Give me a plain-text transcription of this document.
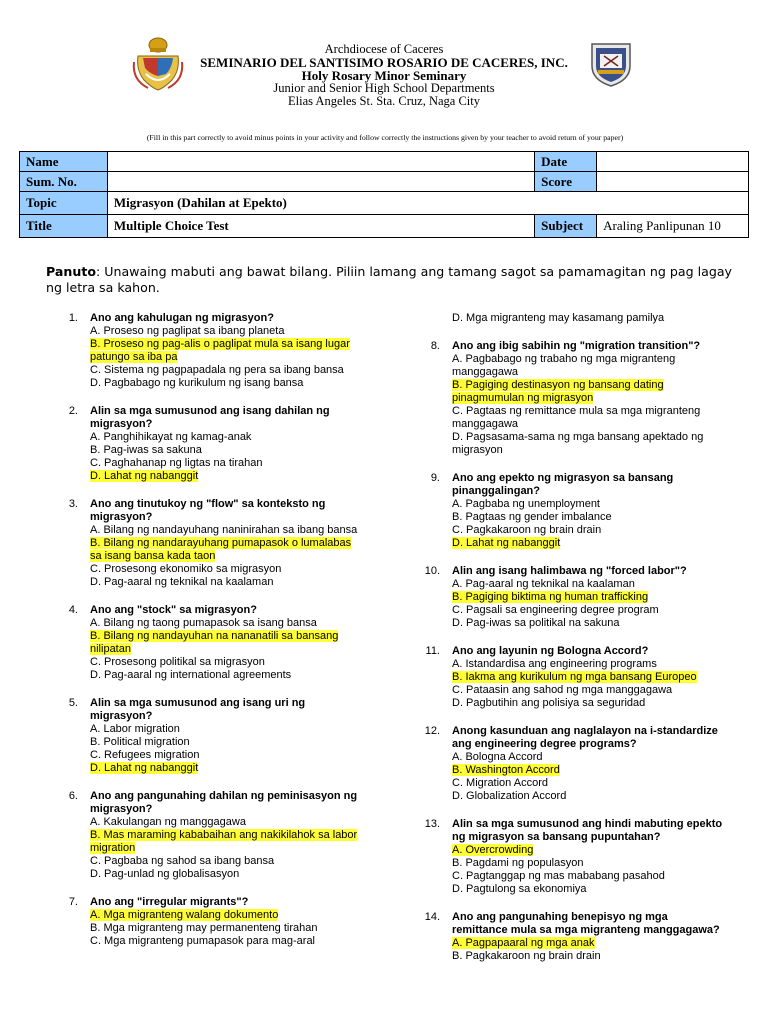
Archdiocese of Caceres
SEMINARIO DEL SANTISIMO ROSARIO DE CACERES, INC.
Holy Rosary Minor Seminary
Junior and Senior High School Departments
Elias Angeles St. Sta. Cruz, Naga City
(Fill in this part correctly to avoid minus points in your activity and follow correctly the instructions given by your teacher to avoid return of your paper)
Name		Date	
Sum. No.		Score	
Topic	Migrasyon (Dahilan at Epekto)		
Title	Multiple Choice Test	Subject	Araling Panlipunan 10
Panuto: Unawaing mabuti ang bawat bilang. Piliin lamang ang tamang sagot sa pamamagitan ng pag lagay ng letra sa kahon.
1. Ano ang kahulugan ng migrasyon?
A. Proseso ng paglipat sa ibang planeta
B. Proseso ng pag-alis o paglipat mula sa isang lugar patungo sa iba pa
C. Sistema ng pagpapadala ng pera sa ibang bansa
D. Pagbabago ng kurikulum ng isang bansa
2. Alin sa mga sumusunod ang isang dahilan ng migrasyon?
A. Panghihikayat ng kamag-anak
B. Pag-iwas sa sakuna
C. Paghahanap ng ligtas na tirahan
D. Lahat ng nabanggit
3. Ano ang tinutukoy ng "flow" sa konteksto ng migrasyon?
A. Bilang ng nandayuhang naninirahan sa ibang bansa
B. Bilang ng nandarayuhang pumapasok o lumalabas sa isang bansa kada taon
C. Prosesong ekonomiko sa migrasyon
D. Pag-aaral ng teknikal na kaalaman
4. Ano ang "stock" sa migrasyon?
A. Bilang ng taong pumapasok sa isang bansa
B. Bilang ng nandayuhan na nananatili sa bansang nilipatan
C. Prosesong politikal sa migrasyon
D. Pag-aaral ng international agreements
5. Alin sa mga sumusunod ang isang uri ng migrasyon?
A. Labor migration
B. Political migration
C. Refugees migration
D. Lahat ng nabanggit
6. Ano ang pangunahing dahilan ng peminisasyon ng migrasyon?
A. Kakulangan ng manggagawa
B. Mas maraming kababaihan ang nakikilahok sa labor migration
C. Pagbaba ng sahod sa ibang bansa
D. Pag-unlad ng globalisasyon
7. Ano ang "irregular migrants"?
A. Mga migranteng walang dokumento
B. Mga migranteng may permanenteng tirahan
C. Mga migranteng pumapasok para mag-aral
D. Mga migranteng may kasamang pamilya
8. Ano ang ibig sabihin ng "migration transition"?
A. Pagbabago ng trabaho ng mga migranteng manggagawa
B. Pagiging destinasyon ng bansang dating pinagmumulan ng migrasyon
C. Pagtaas ng remittance mula sa mga migranteng manggagawa
D. Pagsasama-sama ng mga bansang apektado ng migrasyon
9. Ano ang epekto ng migrasyon sa bansang pinanggalingan?
A. Pagbaba ng unemployment
B. Pagtaas ng gender imbalance
C. Pagkakaroon ng brain drain
D. Lahat ng nabanggit
10. Alin ang isang halimbawa ng "forced labor"?
A. Pag-aaral ng teknikal na kaalaman
B. Pagiging biktima ng human trafficking
C. Pagsali sa engineering degree program
D. Pag-iwas sa politikal na sakuna
11. Ano ang layunin ng Bologna Accord?
A. Istandardisa ang engineering programs
B. Iakma ang kurikulum ng mga bansang Europeo
C. Pataasin ang sahod ng mga manggagawa
D. Pagbutihin ang polisiya sa seguridad
12. Anong kasunduan ang naglalayon na i-standardize ang engineering degree programs?
A. Bologna Accord
B. Washington Accord
C. Migration Accord
D. Globalization Accord
13. Alin sa mga sumusunod ang hindi mabuting epekto ng migrasyon sa bansang pupuntahan?
A. Overcrowding
B. Pagdami ng populasyon
C. Pagtanggap ng mas mababang pasahod
D. Pagtulong sa ekonomiya
14. Ano ang pangunahing benepisyo ng mga remittance mula sa mga migranteng manggagawa?
A. Pagpapaaral ng mga anak
B. Pagkakaroon ng brain drain
